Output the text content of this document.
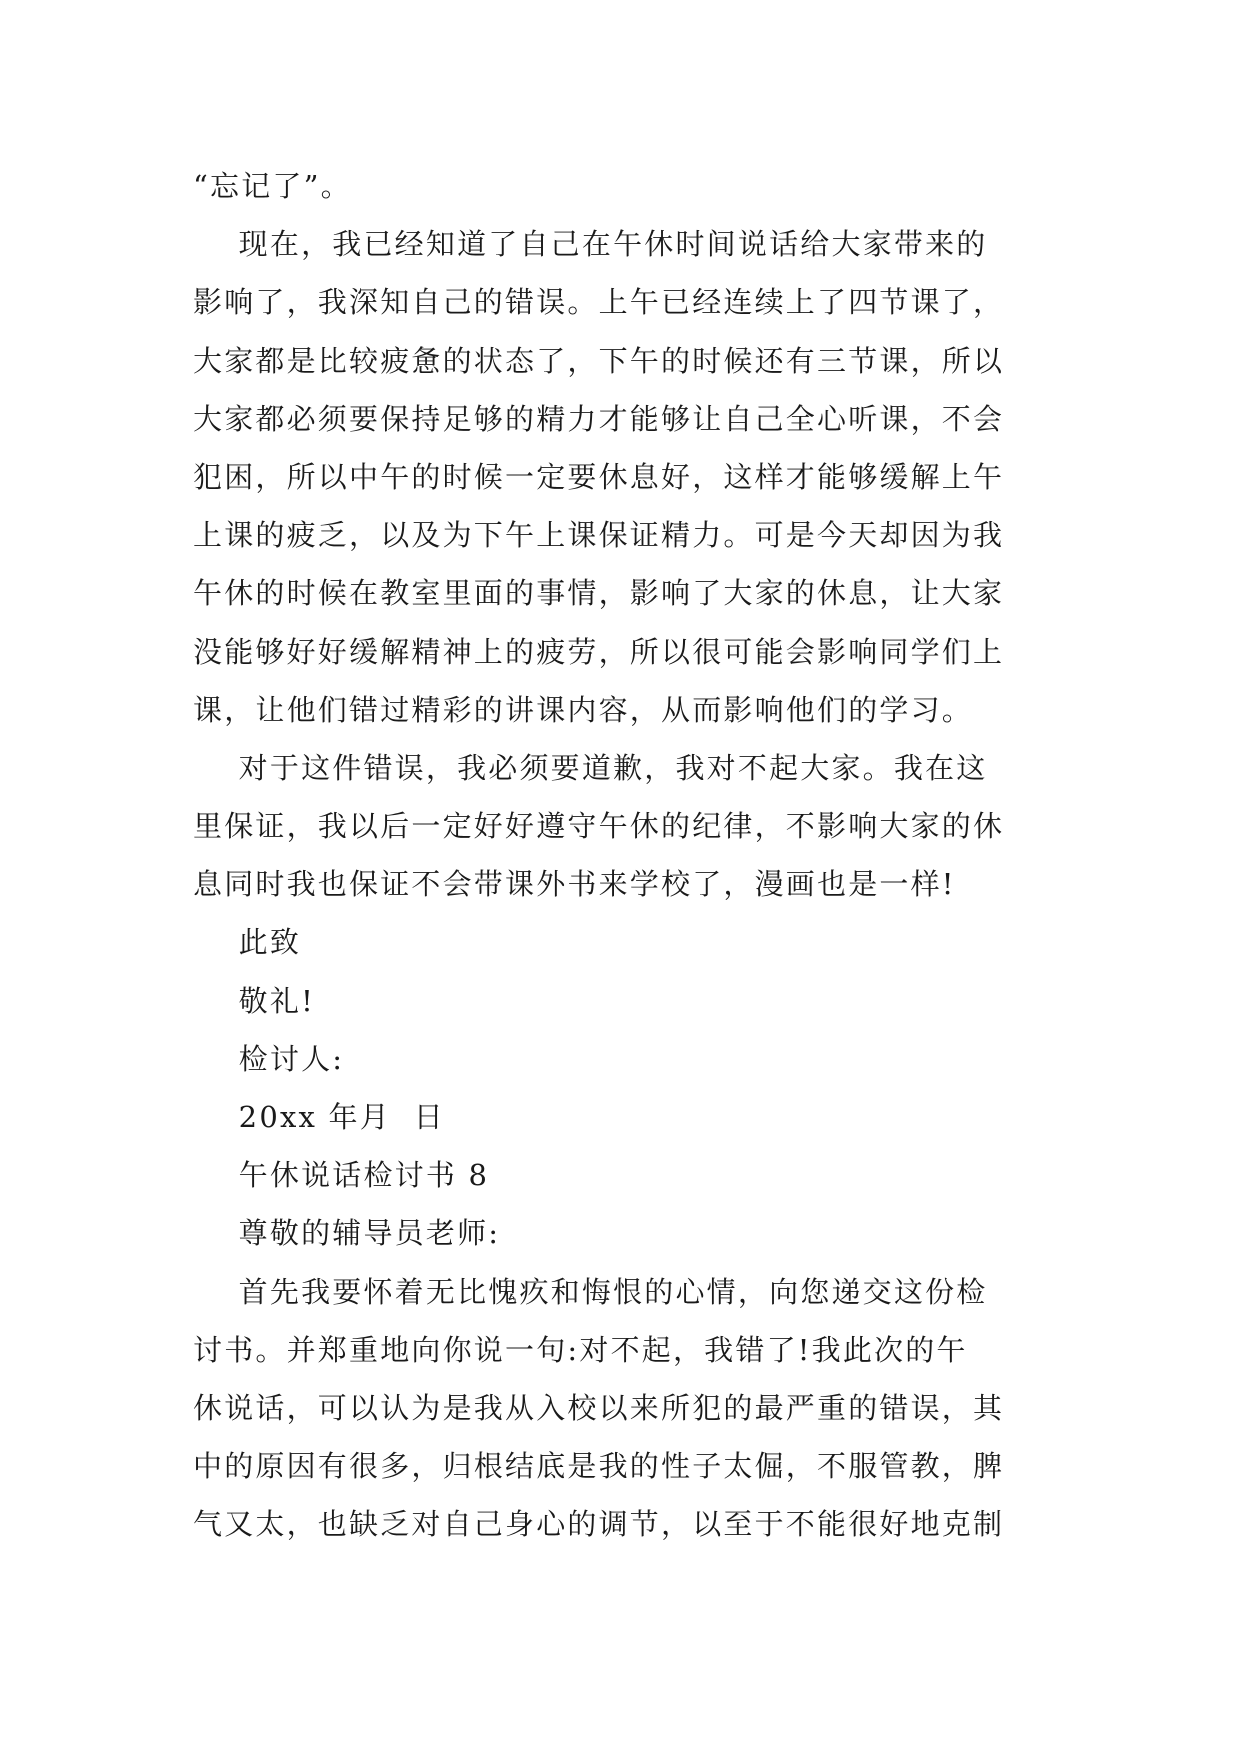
“忘记了”。
现在，我已经知道了自己在午休时间说话给大家带来的
影响了，我深知自己的错误。上午已经连续上了四节课了，
大家都是比较疲惫的状态了，下午的时候还有三节课，所以
大家都必须要保持足够的精力才能够让自己全心听课，不会
犯困，所以中午的时候一定要休息好，这样才能够缓解上午
上课的疲乏，以及为下午上课保证精力。可是今天却因为我
午休的时候在教室里面的事情，影响了大家的休息，让大家
没能够好好缓解精神上的疲劳，所以很可能会影响同学们上
课，让他们错过精彩的讲课内容，从而影响他们的学习。
对于这件错误，我必须要道歉，我对不起大家。我在这
里保证，我以后一定好好遵守午休的纪律，不影响大家的休
息同时我也保证不会带课外书来学校了，漫画也是一样!
此致
敬礼!
检讨人:
20xx 年月  日
午休说话检讨书 8
尊敬的辅导员老师:
首先我要怀着无比愧疚和悔恨的心情，向您递交这份检
讨书。并郑重地向你说一句:对不起，我错了!我此次的午
休说话，可以认为是我从入校以来所犯的最严重的错误，其
中的原因有很多，归根结底是我的性子太倔，不服管教，脾
气又太，也缺乏对自己身心的调节，以至于不能很好地克制
